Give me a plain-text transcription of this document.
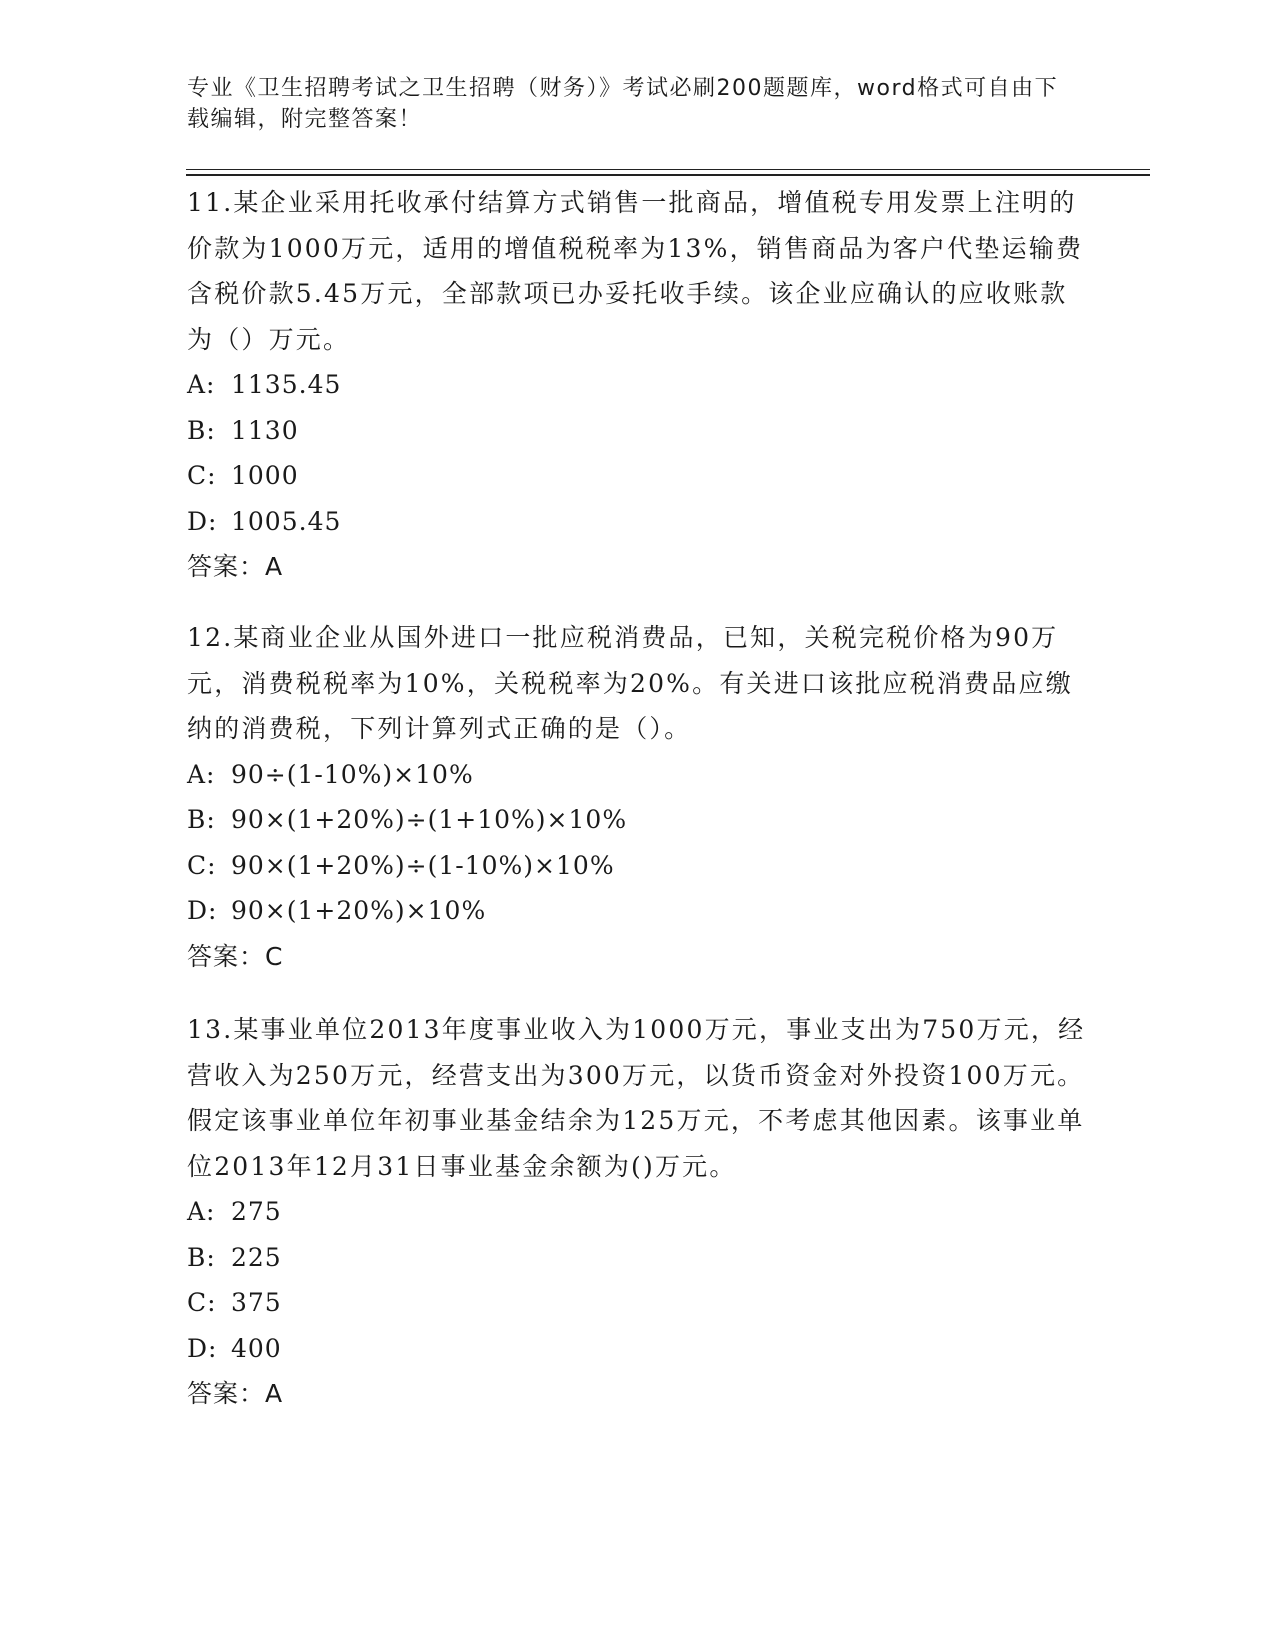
专业《卫生招聘考试之卫生招聘（财务）》考试必刷200题题库，word格式可自由下载编辑，附完整答案！

11.某企业采用托收承付结算方式销售一批商品，增值税专用发票上注明的价款为1000万元，适用的增值税税率为13%，销售商品为客户代垫运输费含税价款5.45万元，全部款项已办妥托收手续。该企业应确认的应收账款为（）万元。

A: 1135.45

B: 1130

C: 1000

D: 1005.45

答案：A

12.某商业企业从国外进口一批应税消费品，已知，关税完税价格为90万元，消费税税率为10%，关税税率为20%。有关进口该批应税消费品应缴纳的消费税，下列计算列式正确的是（）。

A: 90÷(1-10%)×10%

B: 90×(1+20%)÷(1+10%)×10%

C: 90×(1+20%)÷(1-10%)×10%

D: 90×(1+20%)×10%

答案：C

13.某事业单位2013年度事业收入为1000万元，事业支出为750万元，经营收入为250万元，经营支出为300万元，以货币资金对外投资100万元。假定该事业单位年初事业基金结余为125万元，不考虑其他因素。该事业单位2013年12月31日事业基金余额为()万元。

A: 275

B: 225

C: 375

D: 400

答案：A
